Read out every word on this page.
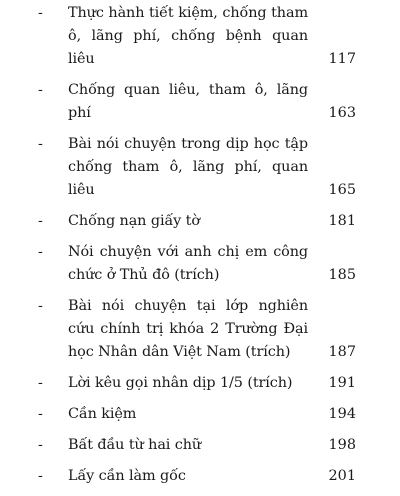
- Thực hành tiết kiệm, chống tham ô, lãng phí, chống bệnh quan liêu	117
- Chống quan liêu, tham ô, lãng phí	163
- Bài nói chuyện trong dịp học tập chống tham ô, lãng phí, quan liêu	165
- Chống nạn giấy tờ	181
- Nói chuyện với anh chị em công chức ở Thủ đô (trích)	185
- Bài nói chuyện tại lớp nghiên cứu chính trị khóa 2 Trường Đại học Nhân dân Việt Nam (trích)	187
- Lời kêu gọi nhân dịp 1/5 (trích)	191
- Cần kiệm	194
- Bất đầu từ hai chữ	198
- Lấy cần làm gốc	201
